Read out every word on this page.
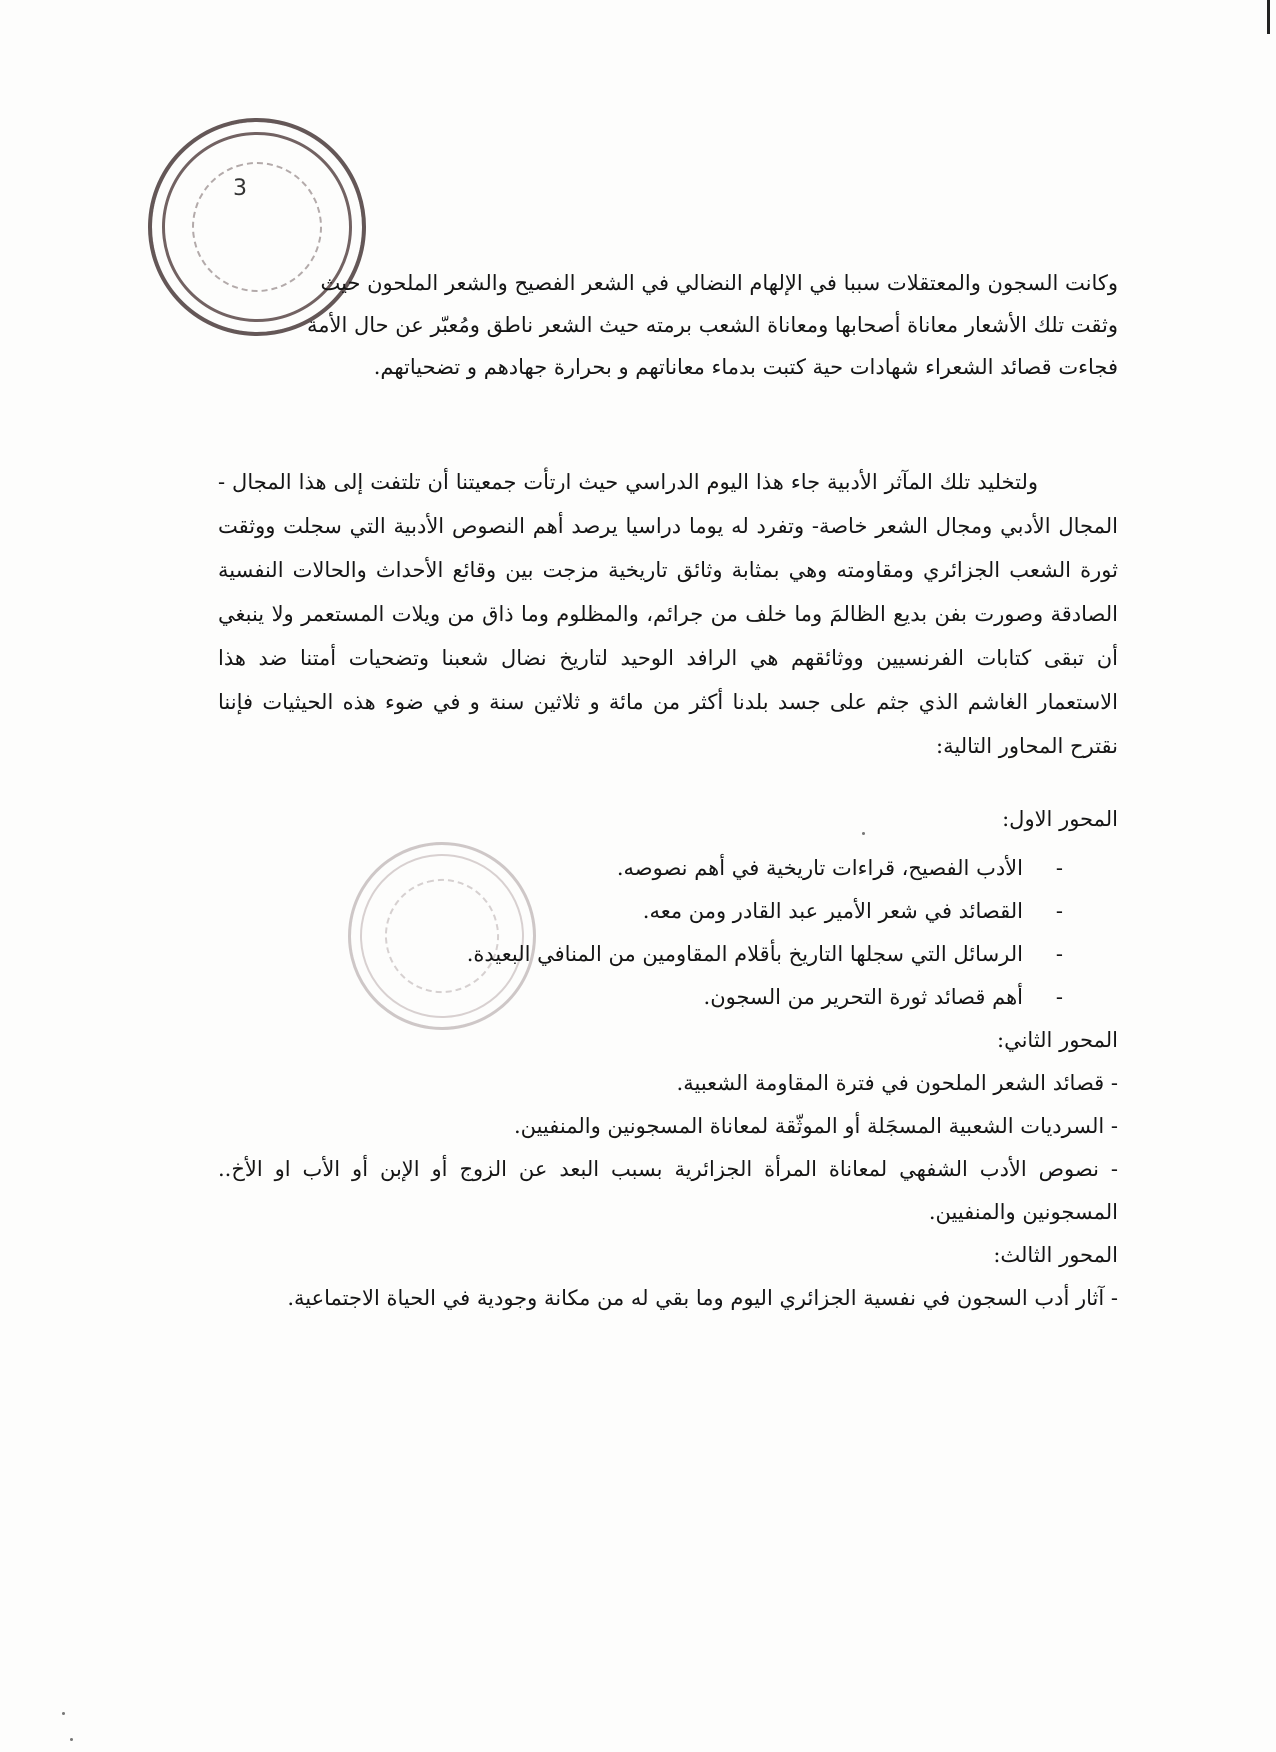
3

وكانت السجون والمعتقلات سببا في الإلهام النضالي في الشعر الفصيح والشعر الملحون حيث

وثقت تلك الأشعار معاناة أصحابها ومعاناة الشعب برمته حيث الشعر ناطق ومُعبّر عن حال الأمة

فجاءت قصائد الشعراء شهادات حية كتبت بدماء معاناتهم و بحرارة جهادهم و تضحياتهم.

ولتخليد تلك المآثر الأدبية جاء هذا اليوم الدراسي حيث ارتأت جمعيتنا أن تلتفت إلى هذا المجال - المجال الأدبي ومجال الشعر خاصة- وتفرد له يوما دراسيا يرصد أهم النصوص الأدبية التي سجلت ووثقت ثورة الشعب الجزائري ومقاومته وهي بمثابة وثائق تاريخية مزجت بين وقائع الأحداث والحالات النفسية الصادقة وصورت بفن بديع الظالمَ وما خلف من جرائم، والمظلوم وما ذاق من ويلات المستعمر ولا ينبغي أن تبقى كتابات الفرنسيين ووثائقهم هي الرافد الوحيد لتاريخ نضال شعبنا وتضحيات أمتنا ضد هذا الاستعمار الغاشم الذي جثم على جسد بلدنا أكثر من مائة و ثلاثين سنة و في ضوء هذه الحيثيات فإننا نقترح المحاور التالية:

المحور الاول:

- الأدب الفصيح، قراءات تاريخية في أهم نصوصه.
- القصائد في شعر الأمير عبد القادر ومن معه.
- الرسائل التي سجلها التاريخ بأقلام المقاومين من المنافي البعيدة.
- أهم قصائد ثورة التحرير من السجون.

المحور الثاني:

- قصائد الشعر الملحون في فترة المقاومة الشعبية.
- السرديات الشعبية المسجَلة أو الموثّقة لمعاناة المسجونين والمنفيين.
- نصوص الأدب الشفهي لمعاناة المرأة الجزائرية بسبب البعد عن الزوج أو الإبن أو الأب او الأخ.. المسجونين والمنفيين.

المحور الثالث:

- آثار أدب السجون في نفسية الجزائري اليوم وما بقي له من مكانة وجودية في الحياة الاجتماعية.
